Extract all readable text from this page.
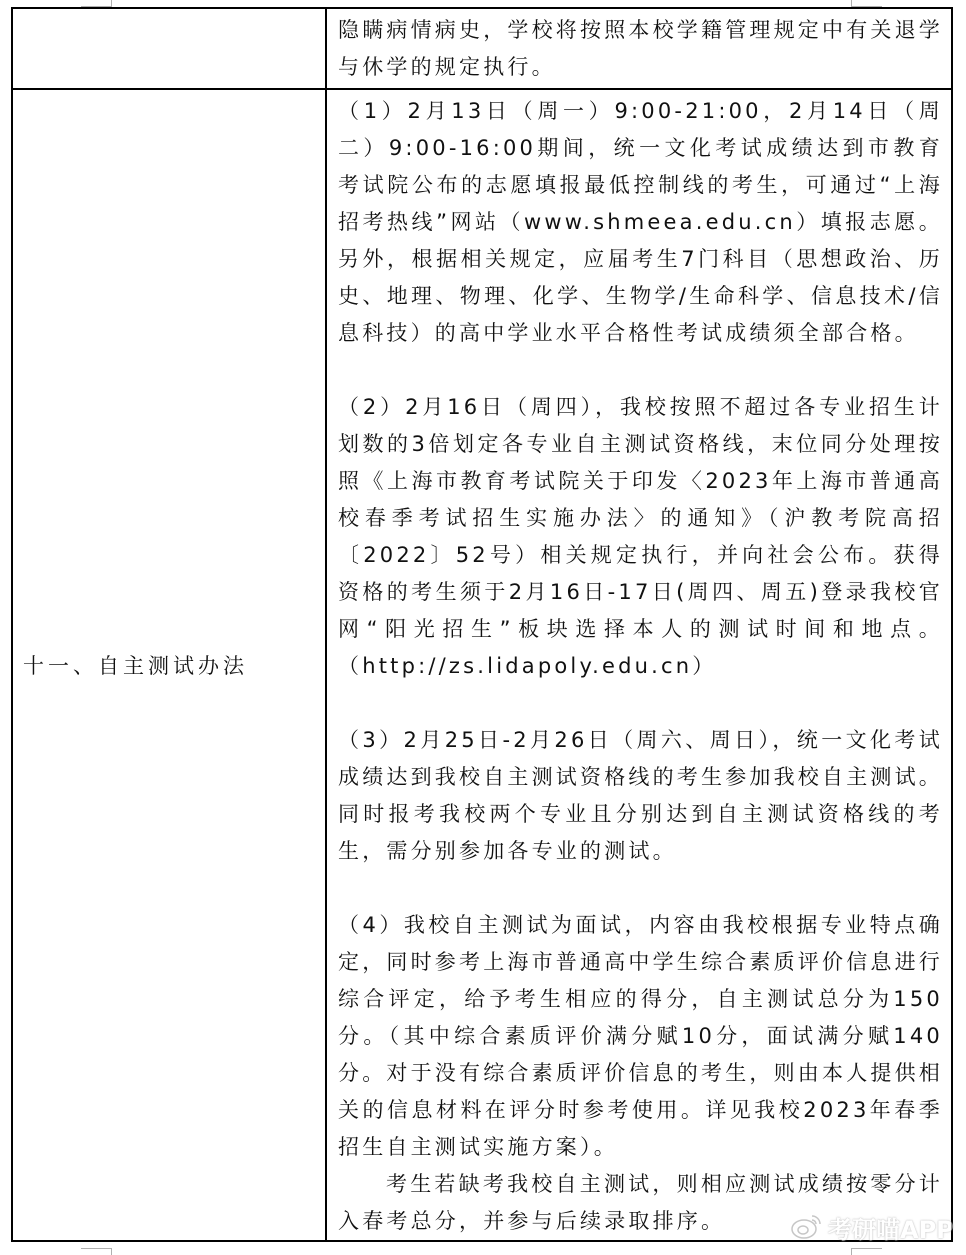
	隐瞒病情病史，学校将按照本校学籍管理规定中有关退学与休学的规定执行。

十一、自主测试办法	（1）2月13日（周一）9:00-21:00，2月14日（周二）9:00-16:00期间，统一文化考试成绩达到市教育考试院公布的志愿填报最低控制线的考生，可通过“上海招考热线”网站（www.shmeea.edu.cn）填报志愿。另外，根据相关规定，应届考生7门科目（思想政治、历史、地理、物理、化学、生物学/生命科学、信息技术/信息科技）的高中学业水平合格性考试成绩须全部合格。

（2）2月16日（周四），我校按照不超过各专业招生计划数的3倍划定各专业自主测试资格线，末位同分处理按照《上海市教育考试院关于印发〈2023年上海市普通高校春季考试招生实施办法〉的通知》（沪教考院高招〔2022〕52号）相关规定执行，并向社会公布。获得资格的考生须于2月16日-17日(周四、周五)登录我校官网“阳光招生”板块选择本人的测试时间和地点。（http://zs.lidapoly.edu.cn）

（3）2月25日-2月26日（周六、周日），统一文化考试成绩达到我校自主测试资格线的考生参加我校自主测试。同时报考我校两个专业且分别达到自主测试资格线的考生，需分别参加各专业的测试。

（4）我校自主测试为面试，内容由我校根据专业特点确定，同时参考上海市普通高中学生综合素质评价信息进行综合评定，给予考生相应的得分，自主测试总分为150分。（其中综合素质评价满分赋10分，面试满分赋140分。对于没有综合素质评价信息的考生，则由本人提供相关的信息材料在评分时参考使用。详见我校2023年春季招生自主测试实施方案）。

考生若缺考我校自主测试，则相应测试成绩按零分计入春考总分，并参与后续录取排序。	考研喵APP
